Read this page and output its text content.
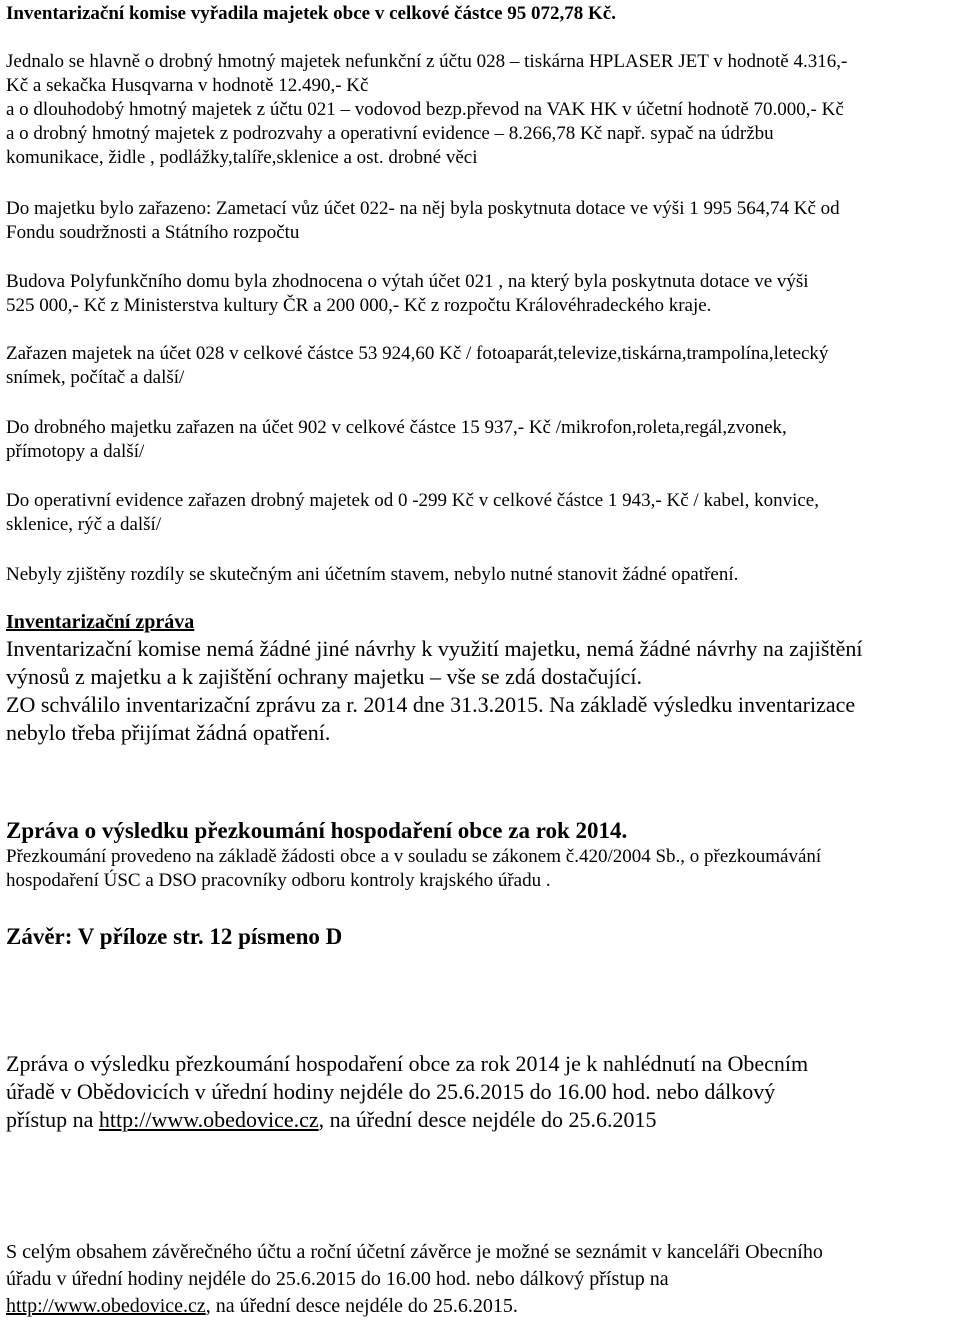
Inventarizační komise vyřadila majetek obce v celkové částce 95 072,78 Kč.
Jednalo se hlavně o drobný hmotný majetek nefunkční z účtu 028 – tiskárna HPLASER JET v hodnotě 4.316,-
Kč a sekačka Husqvarna v hodnotě 12.490,- Kč
a o dlouhodobý hmotný majetek z účtu 021 – vodovod bezp.převod na VAK HK v účetní hodnotě 70.000,- Kč
a o drobný hmotný majetek z podrozvahy a operativní evidence – 8.266,78 Kč např. sypač na údržbu
komunikace, židle , podlážky,talíře,sklenice a ost. drobné věci
Do majetku bylo zařazeno: Zametací vůz účet 022- na něj byla poskytnuta dotace ve výši 1 995 564,74 Kč od
Fondu soudržnosti a Státního rozpočtu
Budova Polyfunkčního domu byla zhodnocena o výtah účet 021 , na který byla poskytnuta dotace ve výši
525 000,- Kč z Ministerstva kultury ČR a 200 000,- Kč z rozpočtu Královéhradeckého kraje.
Zařazen majetek na účet 028 v celkové částce 53 924,60 Kč / fotoaparát,televize,tiskárna,trampolína,letecký
snímek, počítač a další/
Do drobného majetku zařazen na účet 902 v celkové částce 15 937,- Kč /mikrofon,roleta,regál,zvonek,
přímotopy a další/
Do operativní evidence zařazen drobný majetek od 0 -299 Kč v celkové částce 1 943,- Kč / kabel, konvice,
sklenice, rýč a další/
Nebyly zjištěny rozdíly se skutečným ani účetním stavem, nebylo nutné stanovit žádné opatření.
Inventarizační zpráva
Inventarizační komise nemá žádné jiné návrhy k využití majetku, nemá žádné návrhy na zajištění
výnosů z majetku a k zajištění ochrany majetku – vše se zdá dostačující.
ZO schválilo inventarizační zprávu za r. 2014 dne 31.3.2015. Na základě výsledku inventarizace
nebylo třeba přijímat žádná opatření.
Zpráva o výsledku přezkoumání hospodaření obce za rok 2014.
Přezkoumání provedeno na základě žádosti obce a v souladu se zákonem č.420/2004 Sb., o přezkoumávání
hospodaření ÚSC a DSO pracovníky odboru kontroly krajského úřadu .
Závěr: V příloze str. 12 písmeno D
Zpráva o výsledku přezkoumání hospodaření obce za rok 2014 je k nahlédnutí na Obecním
úřadě v Obědovicích v úřední hodiny nejdéle do 25.6.2015 do 16.00 hod. nebo dálkový
přístup na http://www.obedovice.cz, na úřední desce nejdéle do 25.6.2015
S celým obsahem závěrečného účtu a roční účetní závěrce je možné se seznámit v kanceláři Obecního
úřadu v úřední hodiny nejdéle do 25.6.2015 do 16.00 hod. nebo dálkový přístup na
http://www.obedovice.cz, na úřední desce nejdéle do 25.6.2015.
